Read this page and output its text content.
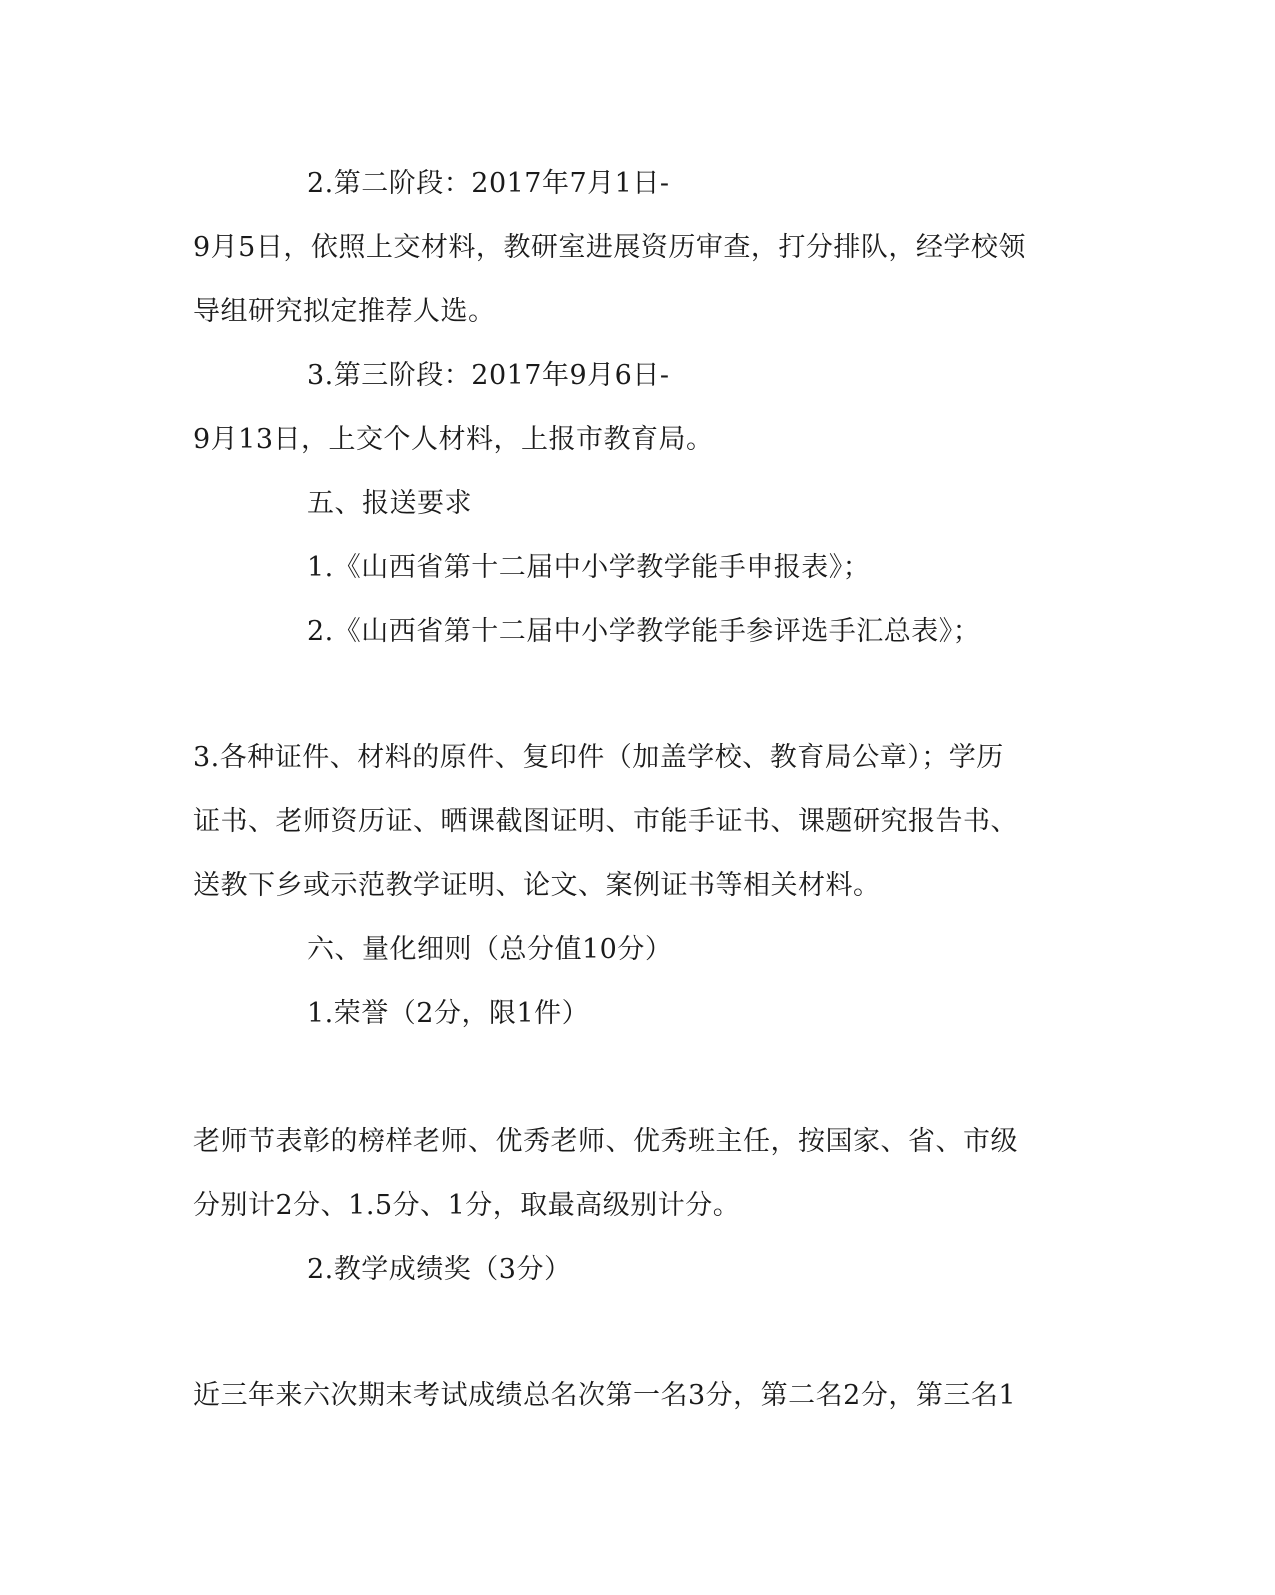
2.第二阶段：2017年7月1日-
9月5日，依照上交材料，教研室进展资历审查，打分排队，经学校领
导组研究拟定推荐人选。
3.第三阶段：2017年9月6日-
9月13日，上交个人材料，上报市教育局。
五、报送要求
1.《山西省第十二届中小学教学能手申报表》；
2.《山西省第十二届中小学教学能手参评选手汇总表》；
3.各种证件、材料的原件、复印件（加盖学校、教育局公章）；学历
证书、老师资历证、晒课截图证明、市能手证书、课题研究报告书、
送教下乡或示范教学证明、论文、案例证书等相关材料。
六、量化细则（总分值10分）
1.荣誉（2分，限1件）
老师节表彰的榜样老师、优秀老师、优秀班主任，按国家、省、市级
分别计2分、1.5分、1分，取最高级别计分。
2.教学成绩奖（3分）
近三年来六次期末考试成绩总名次第一名3分，第二名2分，第三名1
